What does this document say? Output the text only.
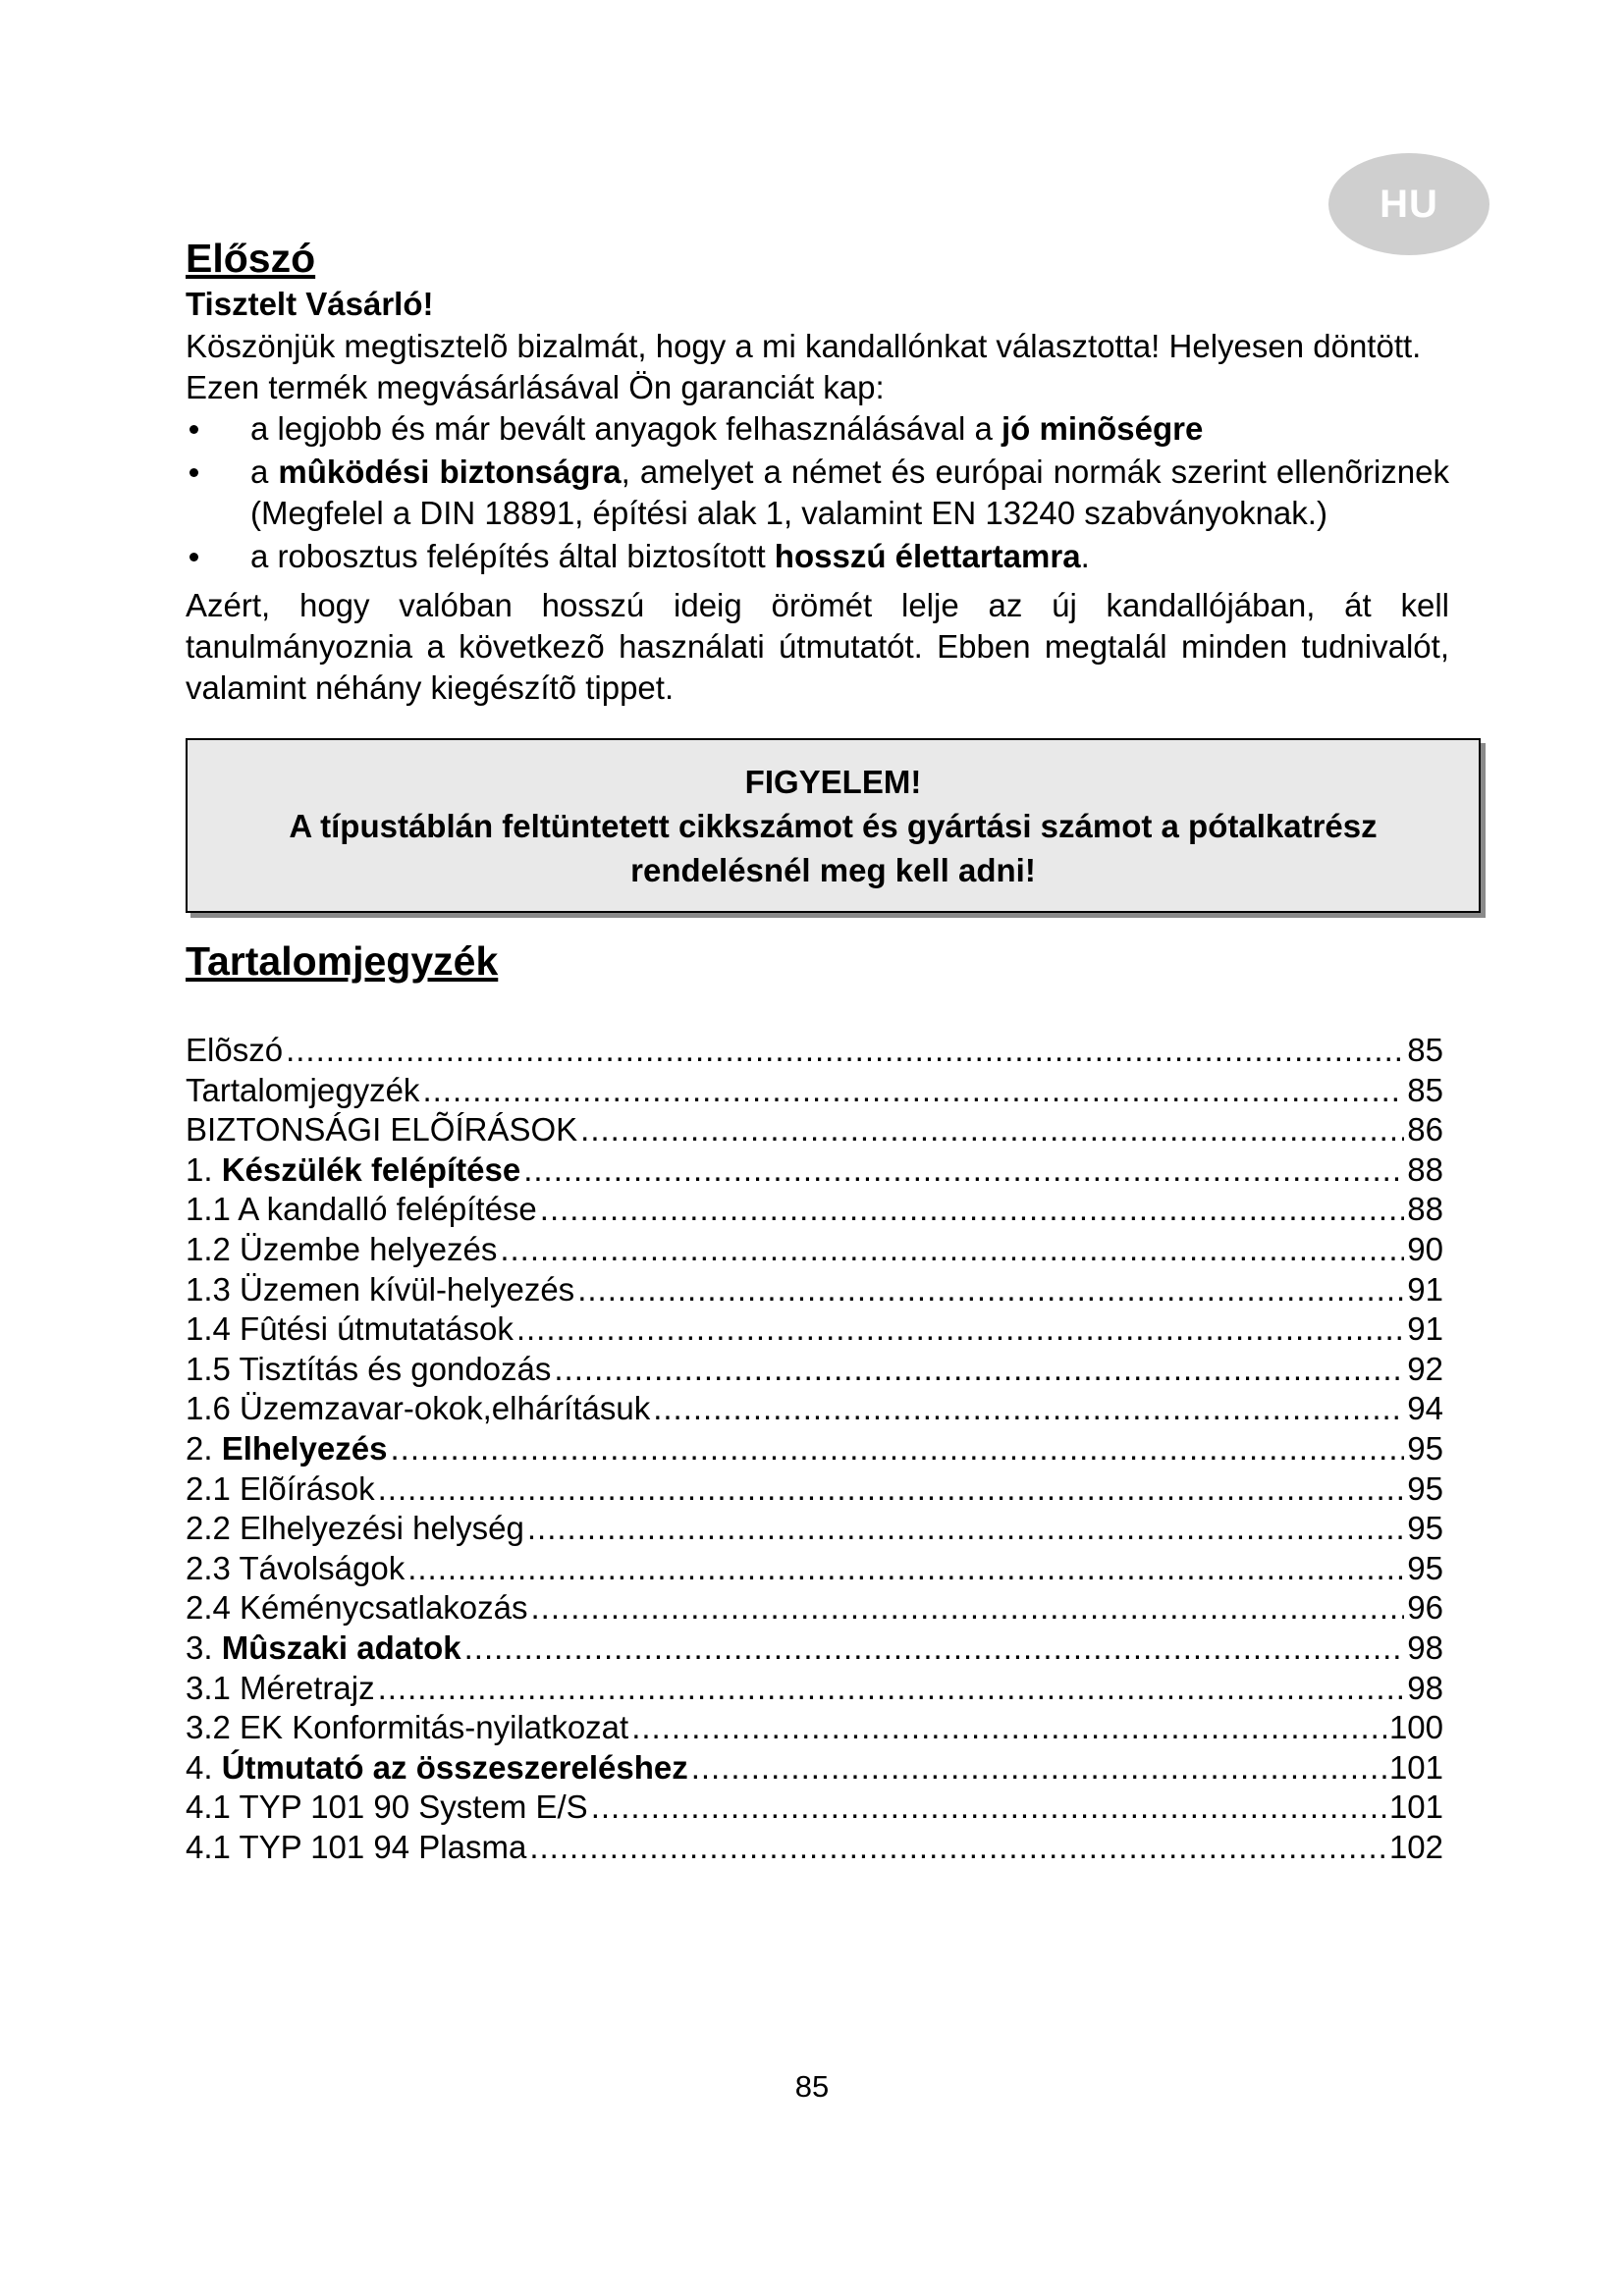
HU
Előszó
Tisztelt Vásárló!

Köszönjük megtisztelõ bizalmát, hogy a mi kandallónkat választotta! Helyesen döntött.

Ezen termék megvásárlásával Ön garanciát kap:

a legjobb és már bevált anyagok felhasználásával a jó minõségre
a mûködési biztonságra, amelyet a német és európai normák szerint ellenõriznek (Megfelel a DIN 18891, építési alak 1, valamint EN 13240 szabványoknak.)
a robosztus felépítés által biztosított hosszú élettartamra.

Azért, hogy valóban hosszú ideig örömét lelje az új kandallójában, át kell tanulmányoznia a következõ használati útmutatót. Ebben megtalál minden tudnivalót, valamint néhány kiegészítõ tippet.

FIGYELEM!
A típustáblán feltüntetett cikkszámot és gyártási számot a pótalkatrész
rendelésnél meg kell adni!
Tartalomjegyzék
Elõszó .....	85
Tartalomjegyzék .....	85
BIZTONSÁGI ELÕÍRÁSOK .....	86
1. Készülék felépítése .....	88
1.1 A kandalló felépítése .....	88
1.2 Üzembe helyezés .....	90
1.3 Üzemen kívül-helyezés .....	91
1.4 Fûtési útmutatások .....	91
1.5 Tisztítás és gondozás .....	92
1.6 Üzemzavar-okok,elhárításuk .....	94
2. Elhelyezés .....	95
2.1 Elõírások .....	95
2.2 Elhelyezési helység .....	95
2.3 Távolságok .....	95
2.4 Kéménycsatlakozás .....	96
3. Mûszaki adatok .....	98
3.1 Méretrajz .....	98
3.2 EK Konformitás-nyilatkozat .....	100
4. Útmutató az összeszereléshez .....	101
4.1 TYP 101 90 System E/S .....	101
4.1 TYP 101 94 Plasma .....	102
85
